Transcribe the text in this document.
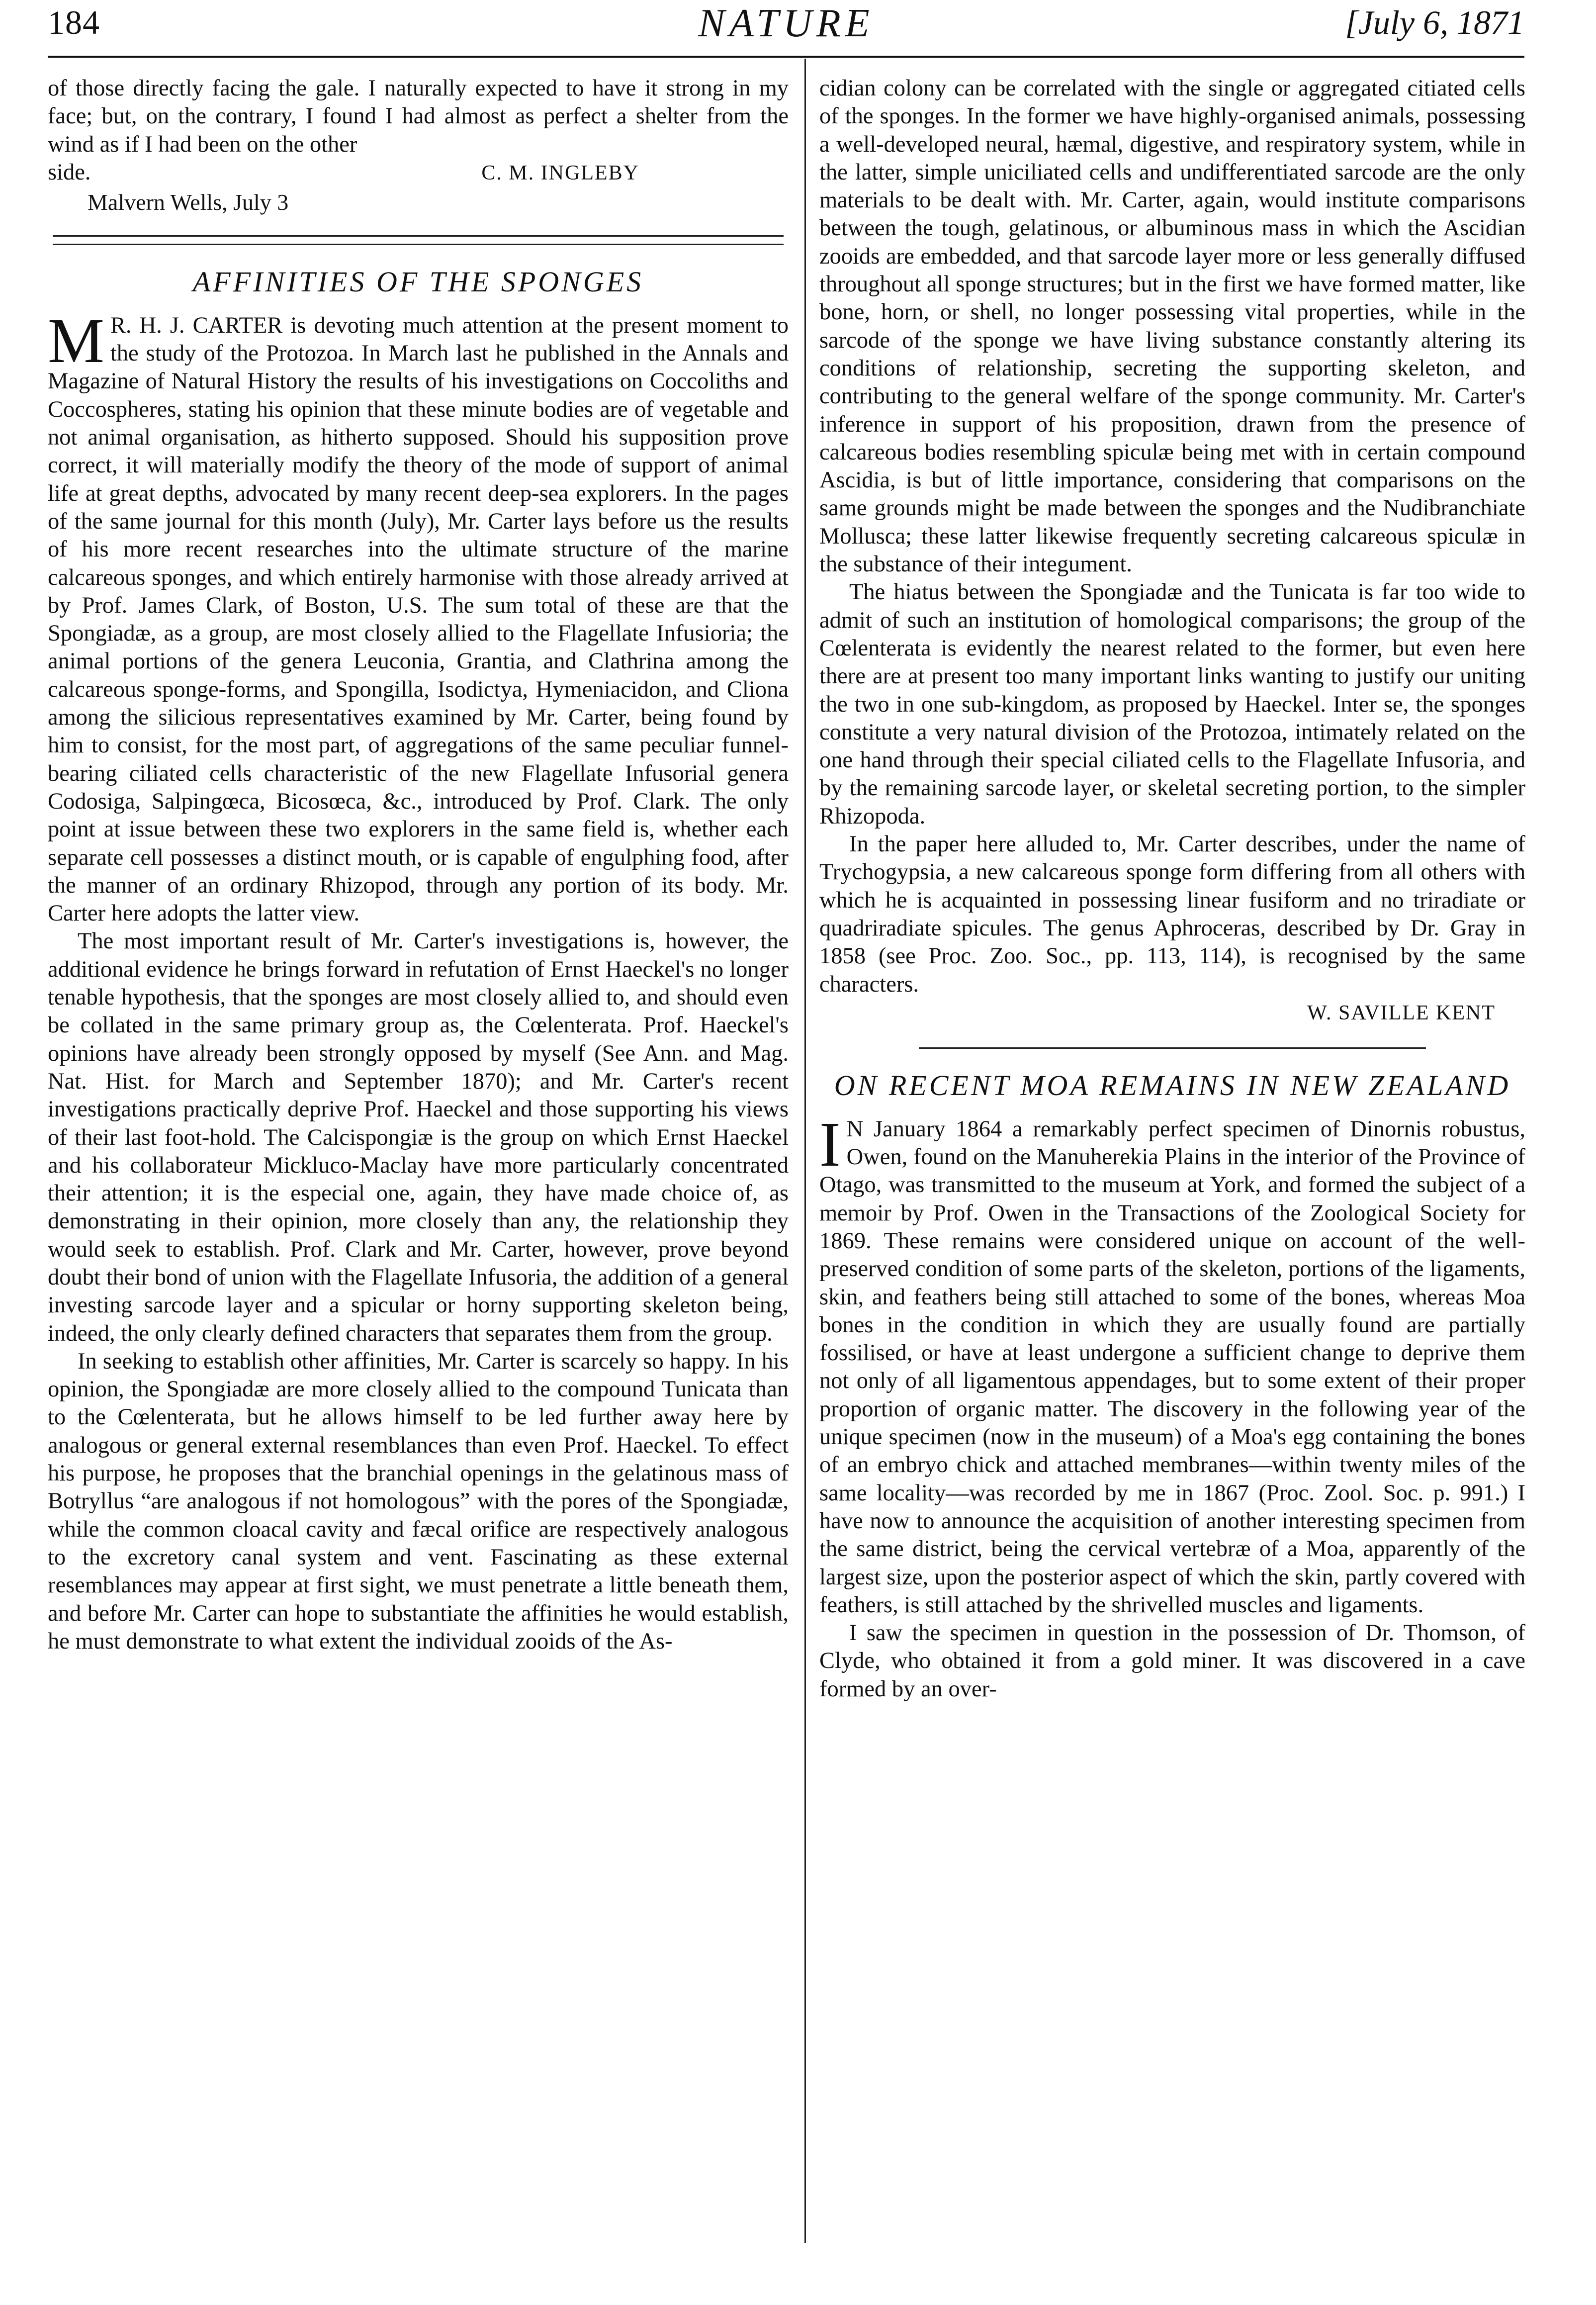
184	NATURE	[July 6, 1871

of those directly facing the gale. I naturally expected to have it strong in my face; but, on the contrary, I found I had almost as perfect a shelter from the wind as if I had been on the other

side.	C. M. INGLEBY
Malvern Wells, July 3
AFFINITIES OF THE SPONGES

M R. H. J. CARTER is devoting much attention at the present moment to the study of the Protozoa. In March last he published in the Annals and Magazine of Natural History the results of his investigations on Coccoliths and Coccospheres, stating his opinion that these minute bodies are of vegetable and not animal organisation, as hitherto supposed. Should his supposition prove correct, it will materially modify the theory of the mode of support of animal life at great depths, advocated by many recent deep-sea explorers. In the pages of the same journal for this month (July), Mr. Carter lays before us the results of his more recent researches into the ultimate structure of the marine calcareous sponges, and which entirely harmonise with those already arrived at by Prof. James Clark, of Boston, U.S. The sum total of these are that the Spongiadæ, as a group, are most closely allied to the Flagellate Infusioria; the animal portions of the genera Leuconia, Grantia, and Clathrina among the calcareous sponge-forms, and Spongilla, Isodictya, Hymeniacidon, and Cliona among the silicious representatives examined by Mr. Carter, being found by him to consist, for the most part, of aggregations of the same peculiar funnel-bearing ciliated cells characteristic of the new Flagellate Infusorial genera Codosiga, Salpingœca, Bicosœca, &c., introduced by Prof. Clark. The only point at issue between these two explorers in the same field is, whether each separate cell possesses a distinct mouth, or is capable of engulphing food, after the manner of an ordinary Rhizopod, through any portion of its body. Mr. Carter here adopts the latter view.

The most important result of Mr. Carter's investigations is, however, the additional evidence he brings forward in refutation of Ernst Haeckel's no longer tenable hypothesis, that the sponges are most closely allied to, and should even be collated in the same primary group as, the Cœlenterata. Prof. Haeckel's opinions have already been strongly opposed by myself (See Ann. and Mag. Nat. Hist. for March and September 1870); and Mr. Carter's recent investigations practically deprive Prof. Haeckel and those supporting his views of their last foot-hold. The Calcispongiæ is the group on which Ernst Haeckel and his collaborateur Mickluco-Maclay have more particularly concentrated their attention; it is the especial one, again, they have made choice of, as demonstrating in their opinion, more closely than any, the relationship they would seek to establish. Prof. Clark and Mr. Carter, however, prove beyond doubt their bond of union with the Flagellate Infusoria, the addition of a general investing sarcode layer and a spicular or horny supporting skeleton being, indeed, the only clearly defined characters that separates them from the group.

In seeking to establish other affinities, Mr. Carter is scarcely so happy. In his opinion, the Spongiadæ are more closely allied to the compound Tunicata than to the Cœlenterata, but he allows himself to be led further away here by analogous or general external resemblances than even Prof. Haeckel. To effect his purpose, he proposes that the branchial openings in the gelatinous mass of Botryllus “are analogous if not homologous” with the pores of the Spongiadæ, while the common cloacal cavity and fæcal orifice are respectively analogous to the excretory canal system and vent. Fascinating as these external resemblances may appear at first sight, we must penetrate a little beneath them, and before Mr. Carter can hope to substantiate the affinities he would establish, he must demonstrate to what extent the individual zooids of the As-

cidian colony can be correlated with the single or aggregated citiated cells of the sponges. In the former we have highly-organised animals, possessing a well-developed neural, hæmal, digestive, and respiratory system, while in the latter, simple uniciliated cells and undifferentiated sarcode are the only materials to be dealt with. Mr. Carter, again, would institute comparisons between the tough, gelatinous, or albuminous mass in which the Ascidian zooids are embedded, and that sarcode layer more or less generally diffused throughout all sponge structures; but in the first we have formed matter, like bone, horn, or shell, no longer possessing vital properties, while in the sarcode of the sponge we have living substance constantly altering its conditions of relationship, secreting the supporting skeleton, and contributing to the general welfare of the sponge community. Mr. Carter's inference in support of his proposition, drawn from the presence of calcareous bodies resembling spiculæ being met with in certain compound Ascidia, is but of little importance, considering that comparisons on the same grounds might be made between the sponges and the Nudibranchiate Mollusca; these latter likewise frequently secreting calcareous spiculæ in the substance of their integument.

The hiatus between the Spongiadæ and the Tunicata is far too wide to admit of such an institution of homological comparisons; the group of the Cœlenterata is evidently the nearest related to the former, but even here there are at present too many important links wanting to justify our uniting the two in one sub-kingdom, as proposed by Haeckel. Inter se, the sponges constitute a very natural division of the Protozoa, intimately related on the one hand through their special ciliated cells to the Flagellate Infusoria, and by the remaining sarcode layer, or skeletal secreting portion, to the simpler Rhizopoda.

In the paper here alluded to, Mr. Carter describes, under the name of Trychogypsia, a new calcareous sponge form differing from all others with which he is acquainted in possessing linear fusiform and no triradiate or quadriradiate spicules. The genus Aphroceras, described by Dr. Gray in 1858 (see Proc. Zoo. Soc., pp. 113, 114), is recognised by the same characters.

W. SAVILLE KENT
ON RECENT MOA REMAINS IN NEW ZEALAND

I N January 1864 a remarkably perfect specimen of Dinornis robustus, Owen, found on the Manuherekia Plains in the interior of the Province of Otago, was transmitted to the museum at York, and formed the subject of a memoir by Prof. Owen in the Transactions of the Zoological Society for 1869. These remains were considered unique on account of the well-preserved condition of some parts of the skeleton, portions of the ligaments, skin, and feathers being still attached to some of the bones, whereas Moa bones in the condition in which they are usually found are partially fossilised, or have at least undergone a sufficient change to deprive them not only of all ligamentous appendages, but to some extent of their proper proportion of organic matter. The discovery in the following year of the unique specimen (now in the museum) of a Moa's egg containing the bones of an embryo chick and attached membranes—within twenty miles of the same locality—was recorded by me in 1867 (Proc. Zool. Soc. p. 991.) I have now to announce the acquisition of another interesting specimen from the same district, being the cervical vertebræ of a Moa, apparently of the largest size, upon the posterior aspect of which the skin, partly covered with feathers, is still attached by the shrivelled muscles and ligaments.

I saw the specimen in question in the possession of Dr. Thomson, of Clyde, who obtained it from a gold miner. It was discovered in a cave formed by an over-
